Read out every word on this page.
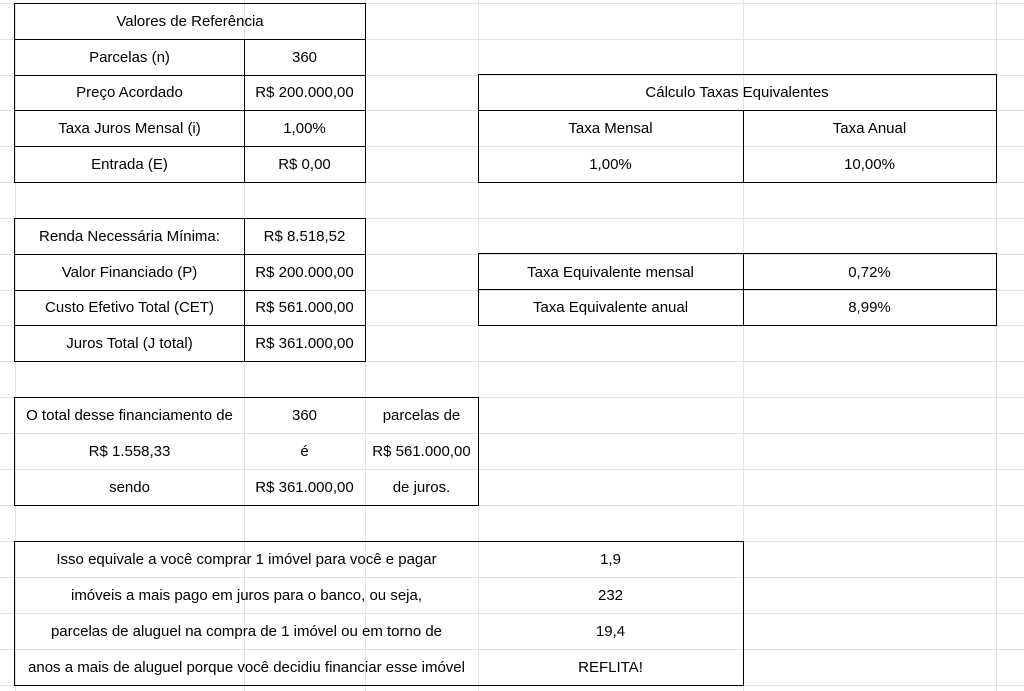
Valores de Referência
Parcelas (n)	360
Preço Acordado	R$ 200.000,00
Taxa Juros Mensal (i)	1,00%
Entrada (E)	R$ 0,00
Cálculo Taxas Equivalentes
Taxa Mensal	Taxa Anual
1,00%	10,00%
Renda Necessária Mínima:	R$ 8.518,52
Valor Financiado (P)	R$ 200.000,00
Custo Efetivo Total (CET)	R$ 561.000,00
Juros Total (J total)	R$ 361.000,00
Taxa Equivalente mensal	0,72%
Taxa Equivalente anual	8,99%
O total desse financiamento de	360	parcelas de
R$ 1.558,33	é	R$ 561.000,00
sendo	R$ 361.000,00	de juros.
Isso equivale a você comprar 1 imóvel para você e pagar	1,9
imóveis a mais pago em juros para o banco, ou seja,	232
parcelas de aluguel na compra de 1 imóvel ou em torno de	19,4
anos a mais de aluguel porque você decidiu financiar esse imóvel	REFLITA!
